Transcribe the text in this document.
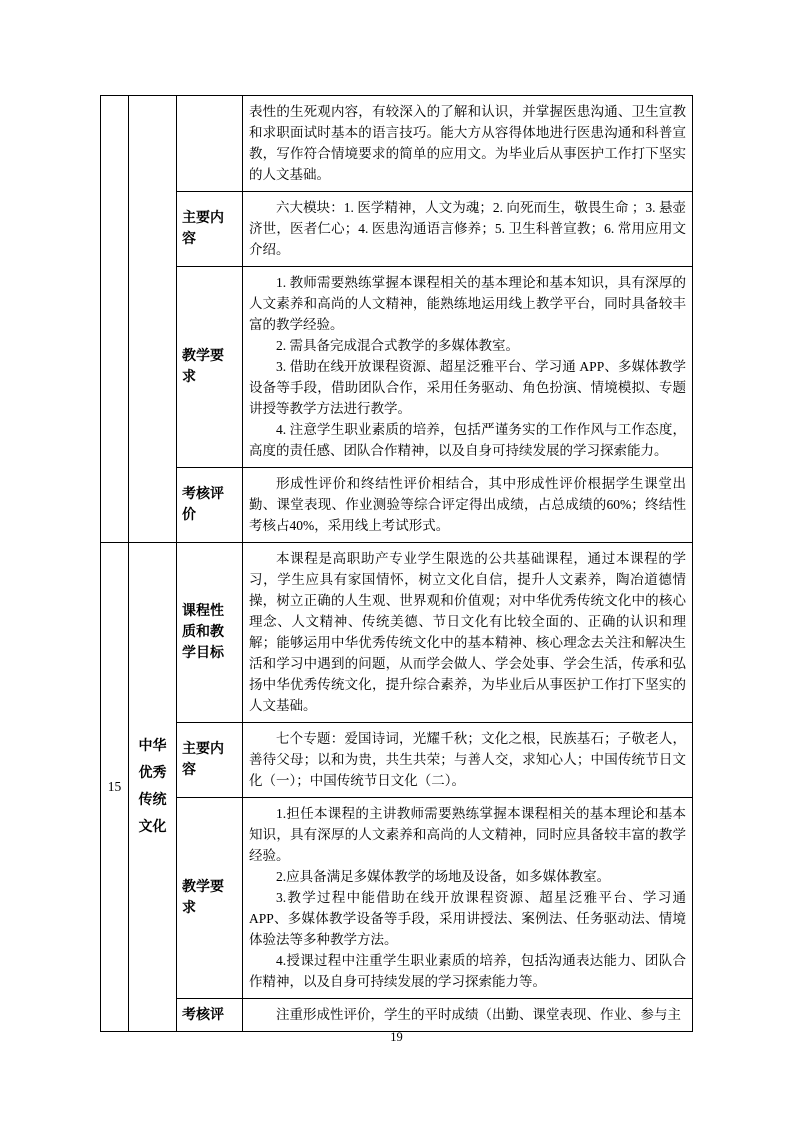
			表性的生死观内容，有较深入的了解和认识，并掌握医患沟通、卫生宣教和求职面试时基本的语言技巧。能大方从容得体地进行医患沟通和科普宣教，写作符合情境要求的简单的应用文。为毕业后从事医护工作打下坚实的人文基础。

		主要内容	六大模块：1. 医学精神，人文为魂；2. 向死而生，敬畏生命 ；3. 悬壶济世，医者仁心；4. 医患沟通语言修养；5. 卫生科普宣教；6. 常用应用文介绍。

		教学要求	1. 教师需要熟练掌握本课程相关的基本理论和基本知识，具有深厚的人文素养和高尚的人文精神，能熟练地运用线上教学平台，同时具备较丰富的教学经验。

2. 需具备完成混合式教学的多媒体教室。

3. 借助在线开放课程资源、超星泛雅平台、学习通 APP、多媒体教学设备等手段，借助团队合作，采用任务驱动、角色扮演、情境模拟、专题讲授等教学方法进行教学。

4. 注意学生职业素质的培养，包括严谨务实的工作作风与工作态度，高度的责任感、团队合作精神，以及自身可持续发展的学习探索能力。

		考核评价	形成性评价和终结性评价相结合，其中形成性评价根据学生课堂出勤、课堂表现、作业测验等综合评定得出成绩，占总成绩的60%；终结性考核占40%，采用线上考试形式。

15	中华优秀传统文化	课程性质和教学目标	本课程是高职助产专业学生限选的公共基础课程，通过本课程的学习，学生应具有家国情怀，树立文化自信，提升人文素养，陶冶道德情操，树立正确的人生观、世界观和价值观；对中华优秀传统文化中的核心理念、人文精神、传统美德、节日文化有比较全面的、正确的认识和理解；能够运用中华优秀传统文化中的基本精神、核心理念去关注和解决生活和学习中遇到的问题，从而学会做人、学会处事、学会生活，传承和弘扬中华优秀传统文化，提升综合素养，为毕业后从事医护工作打下坚实的人文基础。

		主要内容	七个专题：爱国诗词，光耀千秋；文化之根，民族基石；子敬老人，善待父母；以和为贵，共生共荣；与善人交，求知心人；中国传统节日文化（一）；中国传统节日文化（二）。

		教学要求	1.担任本课程的主讲教师需要熟练掌握本课程相关的基本理论和基本知识，具有深厚的人文素养和高尚的人文精神，同时应具备较丰富的教学经验。

2.应具备满足多媒体教学的场地及设备，如多媒体教室。

3.教学过程中能借助在线开放课程资源、超星泛雅平台、学习通 APP、多媒体教学设备等手段，采用讲授法、案例法、任务驱动法、情境体验法等多种教学方法。

4.授课过程中注重学生职业素质的培养，包括沟通表达能力、团队合作精神，以及自身可持续发展的学习探索能力等。

		考核评	注重形成性评价，学生的平时成绩（出勤、课堂表现、作业、参与主

19
